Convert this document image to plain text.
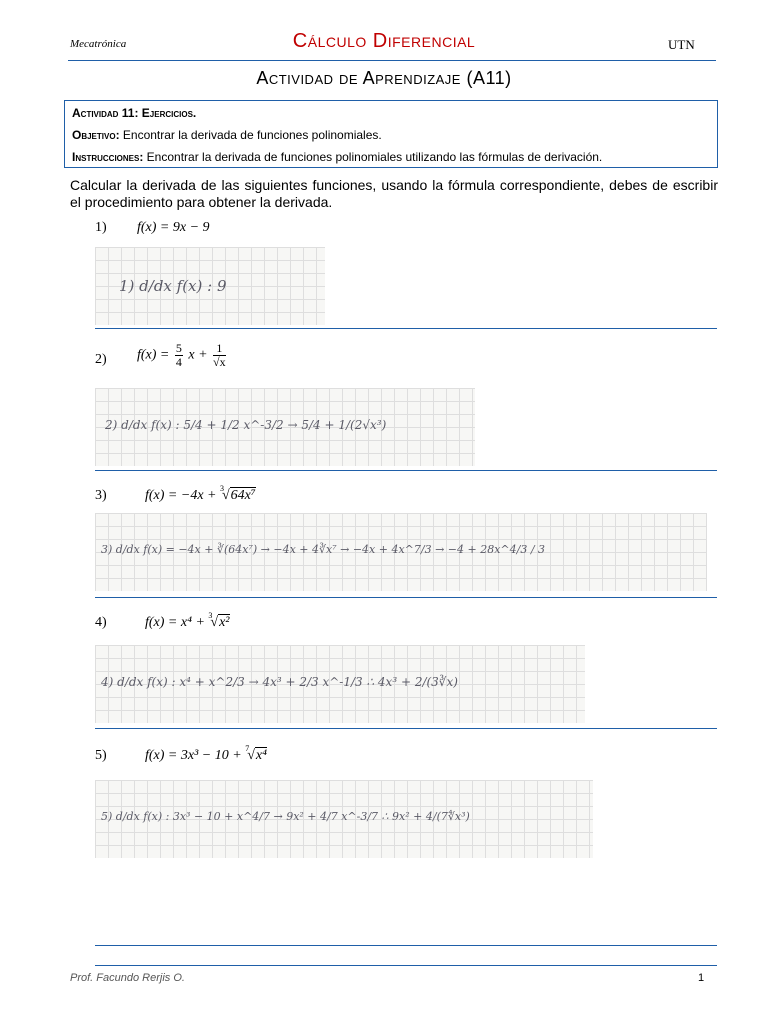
Mecatrónica	Cálculo Diferencial	UTN
Actividad de Aprendizaje (A11)
Actividad 11: Ejercicios.
Objetivo: Encontrar la derivada de funciones polinomiales.
Instrucciones: Encontrar la derivada de funciones polinomiales utilizando las fórmulas de derivación.
Calcular la derivada de las siguientes funciones, usando la fórmula correspondiente, debes de escribir el procedimiento para obtener la derivada.
1) f(x) = 9x − 9
1) d/dx f(x) : 9
2) $f(x) = \frac{5}{4}$ $x + \frac{1}{√x}$
2) d/dx f(x) : 5/4 + 1/2 x^-3/2 → 5/4 + 1/(2√x³)
3)	f(x) = −4x + $^3$√64x⁷
3) d/dx f(x) = −4x + ∛(64x⁷) → −4x + 4∛x⁷ → −4x + 4x^7/3 → −4 + 28x^4/3 / 3
4)	f(x) = x⁴ + $^3$√x²
4) d/dx f(x) : x⁴ + x^2/3 → 4x³ + 2/3 x^-1/3 ∴ 4x³ + 2/(3∛x)
5)	f(x) = 3x³ − 10 + $^7$√x⁴
5) d/dx f(x) : 3x³ − 10 + x^4/7 → 9x² + 4/7 x^-3/7 ∴ 9x² + 4/(7∜x³)
Prof. Facundo Rerjis O.	1
